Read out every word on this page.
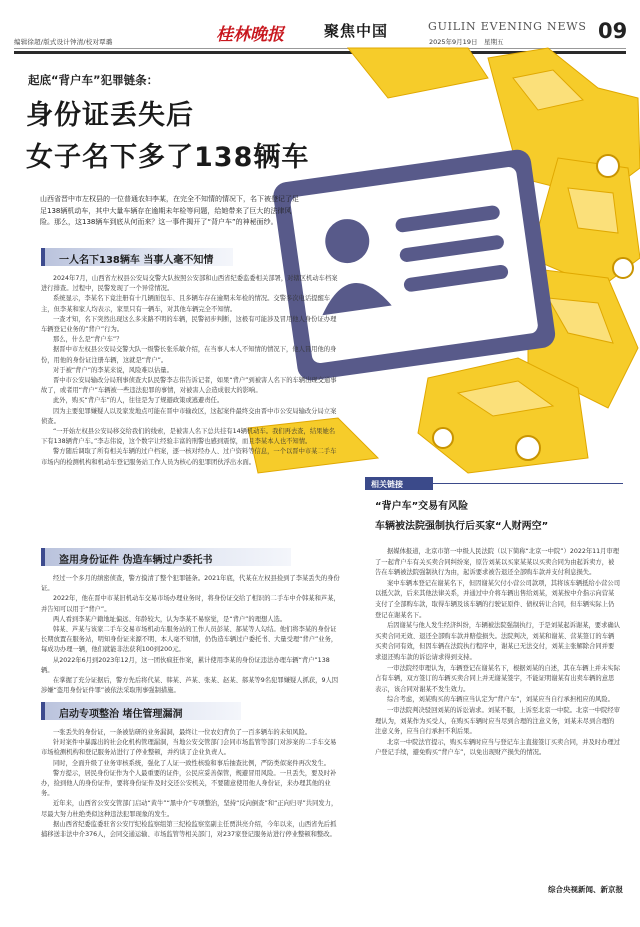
编辑徐超/版式设计钟清/校对覃璐	桂林晚报	聚焦中国	GUILIN EVENING NEWS
2025年9月19日　星期五	09
起底“背户车”犯罪链条：
身份证丢失后
女子名下多了138辆车
山西省晋中市左权县的一位普通农妇李某，在完全不知情的情况下，名下被登记了足足138辆机动车，其中大量车辆存在逾期未年检等问题，给她带来了巨大的法律风险。那么，这138辆车到底从何而来？这一事件揭开了“背户车”的神秘面纱。
一人名下138辆车 当事人毫不知情

2024年7月，山西省左权县公安局交警大队按照公安部和山西省纪委监委相关部署，对辖区机动车档案进行排查。过程中，民警发现了一个异常情况。

系统显示，李某名下竟注册有十几辆面包车、且多辆车存在逾期未年检的情况。交警多次电话提醒车主，但李某和家人均表示，家里只有一辆车，对其他车辆完全不知情。

一查才知，名下突然出现这么多来路不明的车辆，民警初步判断，这极有可能涉及冒用他人身份证办理车辆登记业务的“背户”行为。

那么，什么是“背户车”？

据晋中市左权县公安局交警大队一级警长张乐敏介绍，在当事人本人不知情的情况下，他人冒用他的身份，用他的身份证注册车辆，这就是“背户”。

对于被“背户”的李某来说，风险难以估量。

晋中市公安局输改分局刑事侦查大队民警李志伟告诉记者，如果“背户”到被害人名下的车辆出现交通事故了，或者用“背户”车辆被一些违法犯罪的事情，对被害人会造成很大的影响。

此外，购买“背户车”的人，往往是为了规避政策或逃避责任。

因为主要犯罪嫌疑人以及家发地点可能在晋中市输改区，这起案件最终交由晋中市公安局输改分局立案侦查。

“一开始左权县公安局移交给我们的线索，是被害人名下总共挂有14辆机动车。我们再去查，结果她名下有138辆背户车。”李志伟说，这个数字让经验丰富的刑警也感到震惊，而且李某本人也不知情。

警方随后调取了所有相关车辆的过户档案，逐一核对经办人、过户资料等信息，一个以晋中市某二手车市场内的检测机构和机动车登记服务站工作人员为核心的犯罪团伙浮出水面。

盗用身份证件 伪造车辆过户委托书

经过一个多月的缜密侦查，警方摸清了整个犯罪链条。2021年底，代某在左权县捡到了李某丢失的身份证。

2022年，他在晋中市某旧机动车交易市场办理业务时，将身份证交给了相识的二手车中介韩某和芦某，并告知可以用于“背户”。

两人看到李某户籍地址偏远、年龄较大，认为李某不易察觉，是“背户”的理想人选。

韩某、芦某与该家二手车交易市场机动车服务站的工作人员彭某、郝某等人勾结。他们将李某的身份证长期放置在服务站，明知身份证来源不明、本人毫不知情，仍伪造车辆过户委托书、大量受理“背户”业务，每成功办理一辆，他们就能非法获利100到200元。

从2022年6月到2023年12月，这一团伙疯狂作案，累计使用李某的身份证违法办理车辆“背户”138辆。

在掌握了充分证据后，警方先后将代某、韩某、芦某、张某、赵某、郝某等9名犯罪嫌疑人抓获，9人因涉嫌“盗用身份证件罪”被依法采取刑事强制措施。

启动专项整治 堵住管理漏洞

一张丢失的身份证，一条被钻研的业务漏洞，最终让一位农妇背负了一百多辆车的未知风险。

针对案件中暴露出的社会化机构管理漏洞，当地公安交管部门会同市场监管等部门对涉案的二手车交易市场检测机构和登记服务站进行了停业整顿，并约谈了企业负责人。

同时，全面升级了业务审核系统，强化了人证一致性核验和事后抽查比例，严防类似案件再次发生。

警方提示，居民身份证作为个人最重要的证件，公民应妥善保管，规避冒用风险。一旦丢失，要及时补办，捡到他人的身份证件，要将身份证件及时交还公安机关，不要随意使用他人身份证，来办理其他的业务。

近年来，山西省公安交管部门启动“黄牛”“黑中介”专项整治，坚持“反向倒查”和“正向归寻”共同发力，尽最大努力杜绝类似这种违法犯罪现象的发生。

据山西省纪委监委驻省公安厅纪检监察组第三纪检监察室副主任贾洪亮介绍，今年以来，山西省先后抓捕移送非法中介376人，会同交通运输、市场监管等相关部门，对237家登记服务站进行停业整顿和整改。

相关链接
“背户车”交易有风险
车辆被法院强制执行后买家“人财两空”

据媒体报道，北京市第一中级人民法院（以下简称“北京一中院”）2022年11月审理了一起背户车有关买卖合同纠纷案，原告刘某以买家某某以买卖合同为由起诉卖方，被告在车辆被法院强制执行为由，起诉要求被告退还全部购车款并支付利息损失。

案中车辆本登记在谢某名下，但因谢某欠付小营公司款项，其将该车辆抵给小营公司以抵欠款，后来其他法律关系，并通过中介将车辆出售给刘某，刘某按中介指示向营某支付了全部购车款，取得车辆及该车辆的行驶证原件、债权转让合同，但车辆实际上仍登记在谢某名下。

后因谢某与他人发生经济纠纷，车辆被法院强制执行，于是刘某起诉谢某，要求确认买卖合同无效、退还全部购车款并赔偿损失。法院判决，刘某和谢某、营某签订的车辆买卖合同有效，但因车辆在法院执行程序中，谢某已无法交付，刘某主张解除合同并要求退还购车款的诉讼请求得到支持。

一审法院经审理认为，车辆登记在谢某名下，根据刘某的自述，其在车辆上并未实际占有车辆，双方签订的车辆买卖合同上并无谢某签字，不能证明谢某有出卖车辆的意思表示，该合同对谢某不发生效力。

综合考虑，刘某购买的车辆应当认定为“背户车”，刘某应当自行承担相应的风险。

一审法院判决驳回刘某的诉讼请求。刘某不服，上诉至北京一中院。北京一中院经审理认为，刘某作为买受人，在购买车辆时应当尽到合理的注意义务，刘某未尽到合理的注意义务，应当自行承担不利后果。

北京一中院法官提示，购买车辆时应当与登记车主直接签订买卖合同，并及时办理过户登记手续，避免购买“背户车”，以免出现财产损失的情况。

综合央视新闻、新京报
